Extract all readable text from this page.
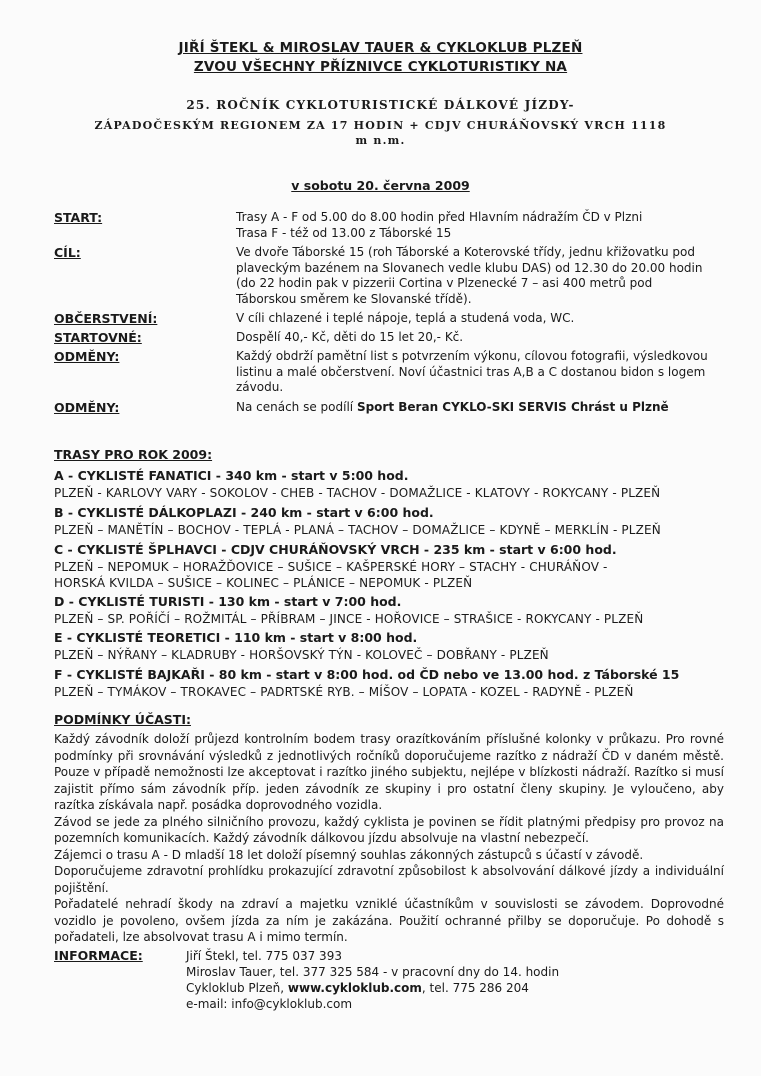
JIŘÍ ŠTEKL & MIROSLAV TAUER & CYKLOKLUB PLZEŇ
ZVOU VŠECHNY PŘÍZNIVCE CYKLOTURISTIKY NA
25. ROČNÍK CYKLOTURISTICKÉ DÁLKOVÉ JÍZDY-
ZÁPADOČESKÝM REGIONEM ZA 17 HODIN + CDJV CHURÁŇOVSKÝ VRCH 1118
m n.m.
v sobotu 20. června 2009
START:	Trasy A - F od 5.00 do 8.00 hodin před Hlavním nádražím ČD v Plzni
Trasa F - též od 13.00 z Táborské 15
CÍL:	Ve dvoře Táborské 15 (roh Táborské a Koterovské třídy, jednu křižovatku pod plaveckým bazénem na Slovanech vedle klubu DAS) od 12.30 do 20.00 hodin (do 22 hodin pak v pizzerii Cortina v Plzenecké 7 – asi 400 metrů pod Táborskou směrem ke Slovanské třídě).
OBČERSTVENÍ:	V cíli chlazené i teplé nápoje, teplá a studená voda, WC.
STARTOVNÉ:	Dospělí 40,- Kč, děti do 15 let 20,- Kč.
ODMĚNY:	Každý obdrží pamětní list s potvrzením výkonu, cílovou fotografii, výsledkovou listinu a malé občerstvení. Noví účastnici tras A,B a C dostanou bidon s logem závodu.
ODMĚNY:	Na cenách se podílí Sport Beran CYKLO-SKI SERVIS Chrást u Plzně
TRASY PRO ROK 2009:
A - CYKLISTÉ FANATICI - 340 km - start v 5:00 hod.
PLZEŇ - KARLOVY VARY - SOKOLOV - CHEB - TACHOV - DOMAŽLICE - KLATOVY - ROKYCANY - PLZEŇ
B - CYKLISTÉ DÁLKOPLAZI - 240 km - start v 6:00 hod.
PLZEŇ – MANĚTÍN – BOCHOV - TEPLÁ - PLANÁ – TACHOV – DOMAŽLICE – KDYNĚ – MERKLÍN - PLZEŇ
C - CYKLISTÉ ŠPLHAVCI - CDJV CHURÁŇOVSKÝ VRCH - 235 km - start v 6:00 hod.
PLZEŇ – NEPOMUK – HORAŽĎOVICE – SUŠICE – KAŠPERSKÉ HORY – STACHY - CHURÁŇOV -
HORSKÁ KVILDA – SUŠICE – KOLINEC – PLÁNICE – NEPOMUK - PLZEŇ
D - CYKLISTÉ TURISTI - 130 km - start v 7:00 hod.
PLZEŇ – SP. POŘÍČÍ – ROŽMITÁL – PŘÍBRAM – JINCE - HOŘOVICE – STRAŠICE - ROKYCANY - PLZEŇ
E - CYKLISTÉ TEORETICI - 110 km - start v 8:00 hod.
PLZEŇ – NÝŘANY – KLADRUBY - HORŠOVSKÝ TÝN - KOLOVEČ – DOBŘANY - PLZEŇ
F - CYKLISTÉ BAJKAŘI - 80 km - start v 8:00 hod. od ČD nebo ve 13.00 hod. z Táborské 15
PLZEŇ – TYMÁKOV – TROKAVEC – PADRTSKÉ RYB. – MÍŠOV – LOPATA - KOZEL - RADYNĚ - PLZEŇ
PODMÍNKY ÚČASTI:

Každý závodník doloží průjezd kontrolním bodem trasy orazítkováním příslušné kolonky v průkazu. Pro rovné podmínky při srovnávání výsledků z jednotlivých ročníků doporučujeme razítko z nádraží ČD v daném městě. Pouze v případě nemožnosti lze akceptovat i razítko jiného subjektu, nejlépe v blízkosti nádraží. Razítko si musí zajistit přímo sám závodník příp. jeden závodník ze skupiny i pro ostatní členy skupiny. Je vyloučeno, aby razítka získávala např. posádka doprovodného vozidla.

Závod se jede za plného silničního provozu, každý cyklista je povinen se řídit platnými předpisy pro provoz na pozemních komunikacích. Každý závodník dálkovou jízdu absolvuje na vlastní nebezpečí.

Zájemci o trasu A - D mladší 18 let doloží písemný souhlas zákonných zástupců s účastí v závodě.

Doporučujeme zdravotní prohlídku prokazující zdravotní způsobilost k absolvování dálkové jízdy a individuální pojištění.

Pořadatelé nehradí škody na zdraví a majetku vzniklé účastníkům v souvislosti se závodem. Doprovodné vozidlo je povoleno, ovšem jízda za ním je zakázána. Použití ochranné přilby se doporučuje. Po dohodě s pořadateli, lze absolvovat trasu A i mimo termín.

INFORMACE:	Jiří Štekl, tel. 775 037 393
Miroslav Tauer, tel. 377 325 584 - v pracovní dny do 14. hodin
Cykloklub Plzeň, www.cykloklub.com, tel. 775 286 204
e-mail: info@cykloklub.com
